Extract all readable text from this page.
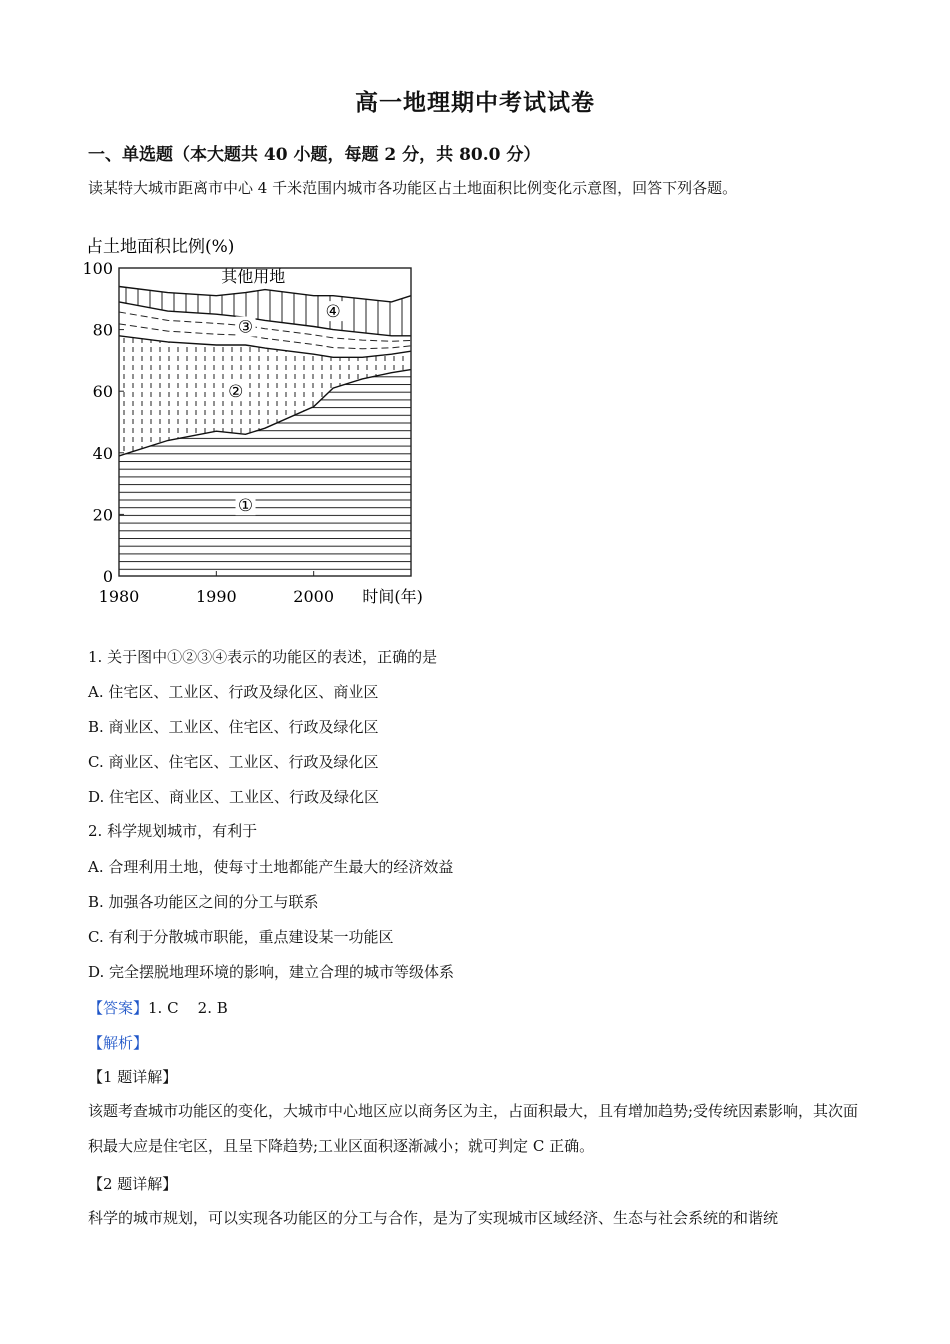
高一地理期中考试试卷
一、单选题（本大题共 40 小题，每题 2 分，共 80.0 分）
读某特大城市距离市中心 4 千米范围内城市各功能区占土地面积比例变化示意图，回答下列各题。
占土地面积比例(%)
0
20
40
60
80
100
1980	1990	2000 时间(年)
其他用地
①
②
③
④
1. 关于图中①②③④表示的功能区的表述，正确的是
A. 住宅区、工业区、行政及绿化区、商业区
B. 商业区、工业区、住宅区、行政及绿化区
C. 商业区、住宅区、工业区、行政及绿化区
D. 住宅区、商业区、工业区、行政及绿化区
2. 科学规划城市，有利于
A. 合理利用土地，使每寸土地都能产生最大的经济效益
B. 加强各功能区之间的分工与联系
C. 有利于分散城市职能，重点建设某一功能区
D. 完全摆脱地理环境的影响，建立合理的城市等级体系
【答案】1. C    2. B
【解析】
【1 题详解】
该题考查城市功能区的变化，大城市中心地区应以商务区为主，占面积最大，且有增加趋势;受传统因素影响，其次面积最大应是住宅区，且呈下降趋势;工业区面积逐渐减小；就可判定 C 正确。
【2 题详解】
科学的城市规划，可以实现各功能区的分工与合作，是为了实现城市区域经济、生态与社会系统的和谐统
